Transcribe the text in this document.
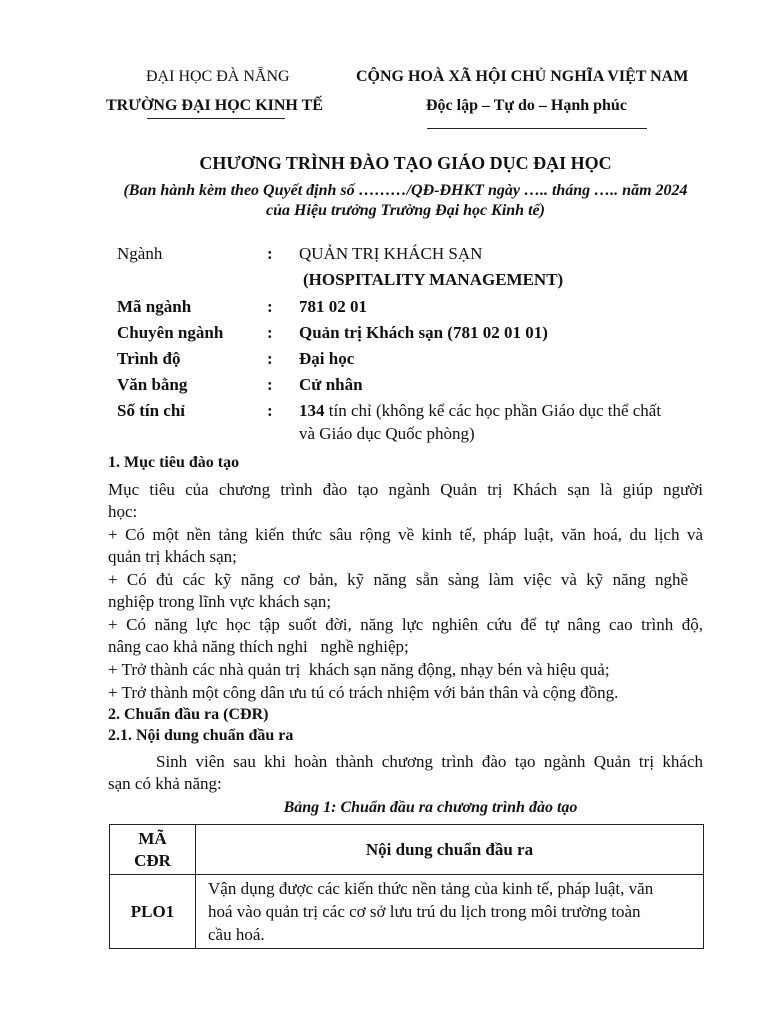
ĐẠI HỌC ĐÀ NẴNG
TRƯỜNG ĐẠI HỌC KINH TẾ
CỘNG HOÀ XÃ HỘI CHỦ NGHĨA VIỆT NAM
Độc lập – Tự do – Hạnh phúc
CHƯƠNG TRÌNH ĐÀO TẠO GIÁO DỤC ĐẠI HỌC
(Ban hành kèm theo Quyết định số ………/QĐ-ĐHKT ngày ….. tháng ….. năm 2024
của Hiệu trưởng Trường Đại học Kinh tế)
Ngành	: QUẢN TRỊ KHÁCH SẠN
(HOSPITALITY MANAGEMENT)
Mã ngành	: 781 02 01
Chuyên ngành	: Quản trị Khách sạn (781 02 01 01)
Trình độ	: Đại học
Văn bằng	: Cử nhân
Số tín chỉ	: 134 tín chỉ (không kể các học phần Giáo dục thể chất
và Giáo dục Quốc phòng)
1. Mục tiêu đào tạo
Mục tiêu của chương trình đào tạo ngành Quản trị Khách sạn là giúp người
học:
+ Có một nền tảng kiến thức sâu rộng về kinh tế, pháp luật, văn hoá, du lịch và
quản trị khách sạn;
+ Có đủ các kỹ năng cơ bản, kỹ năng sẵn sàng làm việc và kỹ năng nghề
nghiệp trong lĩnh vực khách sạn;
+ Có năng lực học tập suốt đời, năng lực nghiên cứu để tự nâng cao trình độ,
nâng cao khả năng thích nghi   nghề nghiệp;
+ Trở thành các nhà quản trị  khách sạn năng động, nhạy bén và hiệu quả;
+ Trở thành một công dân ưu tú có trách nhiệm với bản thân và cộng đồng.
2. Chuẩn đầu ra (CĐR)
2.1. Nội dung chuẩn đầu ra
Sinh viên sau khi hoàn thành chương trình đào tạo ngành Quản trị khách
sạn có khả năng:
Bảng 1: Chuẩn đầu ra chương trình đào tạo
MÃ
CĐR	Nội dung chuẩn đầu ra
PLO1	Vận dụng được các kiến thức nền tảng của kinh tế, pháp luật, văn
hoá vào quản trị các cơ sở lưu trú du lịch trong môi trường toàn
cầu hoá.
